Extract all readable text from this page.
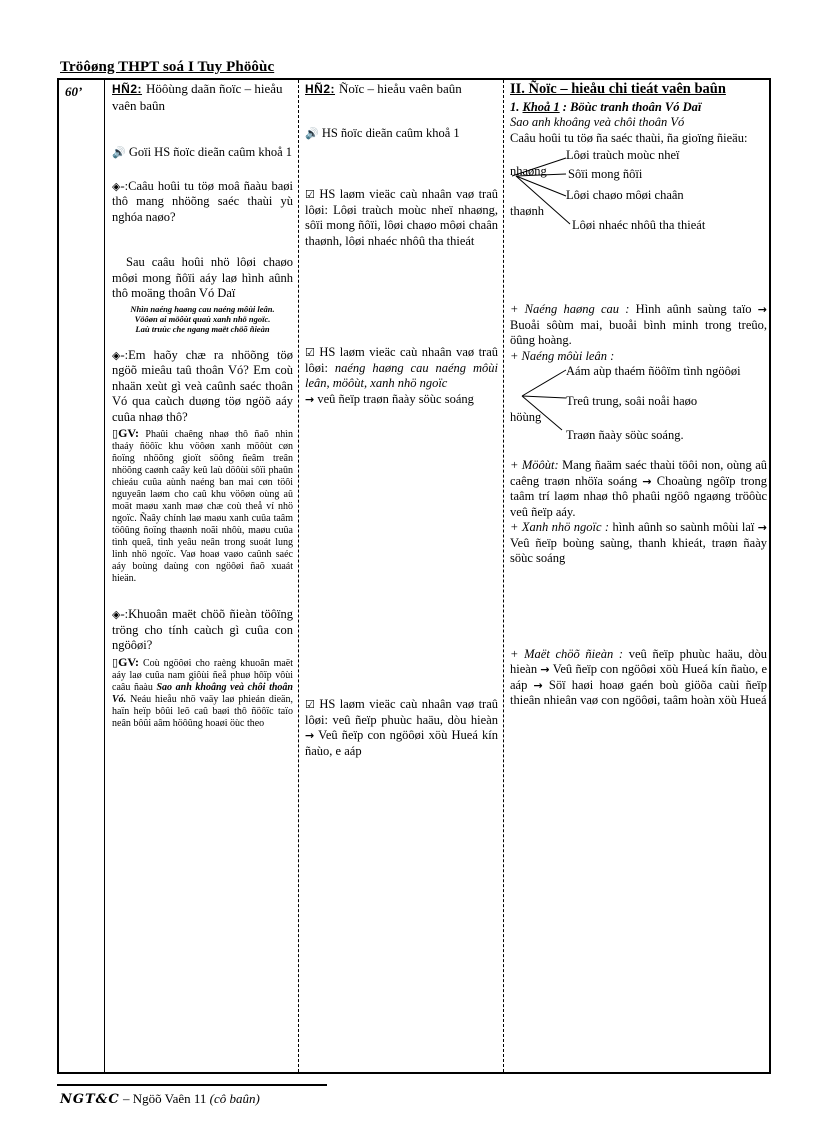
Tröôøng THPT soá I Tuy Phöôùc
60’	HÑ2: Höôùng daãn ñoïc – hieåu vaên baûn

🔊 Goïi HS ñoïc dieãn caûm khoå 1

◈-:Caâu hoûi tu töø moâ ñaàu baøi thô mang nhöõng saéc thaùi yù nghóa naøo?

Sau caâu hoûi nhö lôøi chaøo môøi mong ñôïi aáy laø hình aûnh thô moäng thoân Vó Daï

Nhìn naéng haøng cau naéng môùi leân.

Vöôøn ai möôùt quaù xanh nhö ngoïc.

Laù truùc che ngang maët chöõ ñieàn

◈-:Em haõy chæ ra nhöõng töø ngöõ mieâu taû thoân Vó? Em coù nhaän xeùt gì veà caûnh saéc thoân Vó qua caùch duøng töø ngöõ aáy cuûa nhaø thô?

▯GV: Phaûi chaêng nhaø thô ñaõ nhìn thaáy ñöôïc khu vöôøn xanh möôùt cøn ñoïng nhöõng gioït söông ñeâm treân nhöõng caønh caây keû laù döôùi sôïi phaûn chieáu cuûa aùnh naéng ban mai cøn töôi nguyeân laøm cho caû khu vöôøn oùng aû moät maøu xanh maø chæ coù theå ví nhö ngoïc. Ñaây chính laø maøu xanh cuûa taâm töôûng ñoïng thaønh noãi nhôù, maøu cuûa tình queâ, tình yeâu neân trong suoát lung linh nhö ngoïc. Vaø hoaø vaøo caûnh saéc aáy boùng daùng con ngöôøi ñaõ xuaát hieän.

◈-:Khuoân maët chöõ ñieàn töôïng tröng cho tính caùch gì cuûa con ngöôøi?

▯GV: Coù ngöôøi cho raèng khuoân maët aáy laø cuûa nam giôùi ñeå phuø hôïp vôùi caâu ñaàu Sao anh khoâng veà chôi thoân Vó. Neáu hieåu nhö vaäy laø phieán dieän, haïn heïp bôûi leõ caû baøi thô ñöôïc taïo neân bôûi aâm höôûng hoaøi öùc theo

HÑ2: Ñoïc – hieåu vaên baûn

🔊 HS ñoïc dieãn caûm khoå 1

☑ HS laøm vieäc caù nhaân vaø traû lôøi: Lôøi traùch moùc nheï nhaøng, sôïi mong ñôïi, lôøi chaøo môøi chaân thaønh, lôøi nhaéc nhôû tha thieát

☑ HS laøm vieäc caù nhaân vaø traû lôøi: naéng haøng cau naéng môùi leân, möôùt, xanh nhö ngoïc
→ veû ñeïp traøn ñaày söùc soáng

☑ HS laøm vieäc caù nhaân vaø traû lôøi: veû ñeïp phuùc haäu, dòu hieàn → Veû ñeïp con ngöôøi xöù Hueá kín ñaùo, e aáp

II. Ñoïc – hieåu chi tieát vaên baûn

1. Khoå 1 : Böùc tranh thoân Vó Daï

Sao anh khoâng veà chôi thoân Vó

Caâu hoûi tu töø ña saéc thaùi, ña gioïng ñieäu:

Lôøi traùch moùc nheï
nhaøng Sôïi mong ñôïi
Lôøi chaøo môøi chaân
thaønh
Lôøi nhaéc nhôû tha thieát

+ Naéng haøng cau : Hình aûnh saùng taïo → Buoåi sôùm mai, buoåi bình minh trong treûo, öûng hoàng.

+ Naéng môùi leân :

Aám aùp thaém ñöôïm tình ngöôøi
Treû trung, soâi noåi haøo
höùng
Traøn ñaày söùc soáng.

+ Möôùt: Mang ñaäm saéc thaùi töôi non, oùng aû caêng traøn nhöïa soáng → Choaùng ngôïp trong taâm trí laøm nhaø thô phaûi ngöô ngaøng tröôùc veû ñeïp aáy.

+ Xanh nhö ngoïc : hình aûnh so saùnh môùi laï → Veû ñeïp boùng saùng, thanh khieát, traøn ñaày söùc soáng

+ Maët chöõ ñieàn : veû ñeïp phuùc haäu, dòu hieàn → Veû ñeïp con ngöôøi xöù Hueá kín ñaùo, e aáp → Söï haøi hoaø gaén boù giöõa caùi ñeïp thieân nhieân vaø con ngöôøi, taâm hoàn xöù Hueá

NGT&C – Ngöõ Vaên 11 (cô baûn)
